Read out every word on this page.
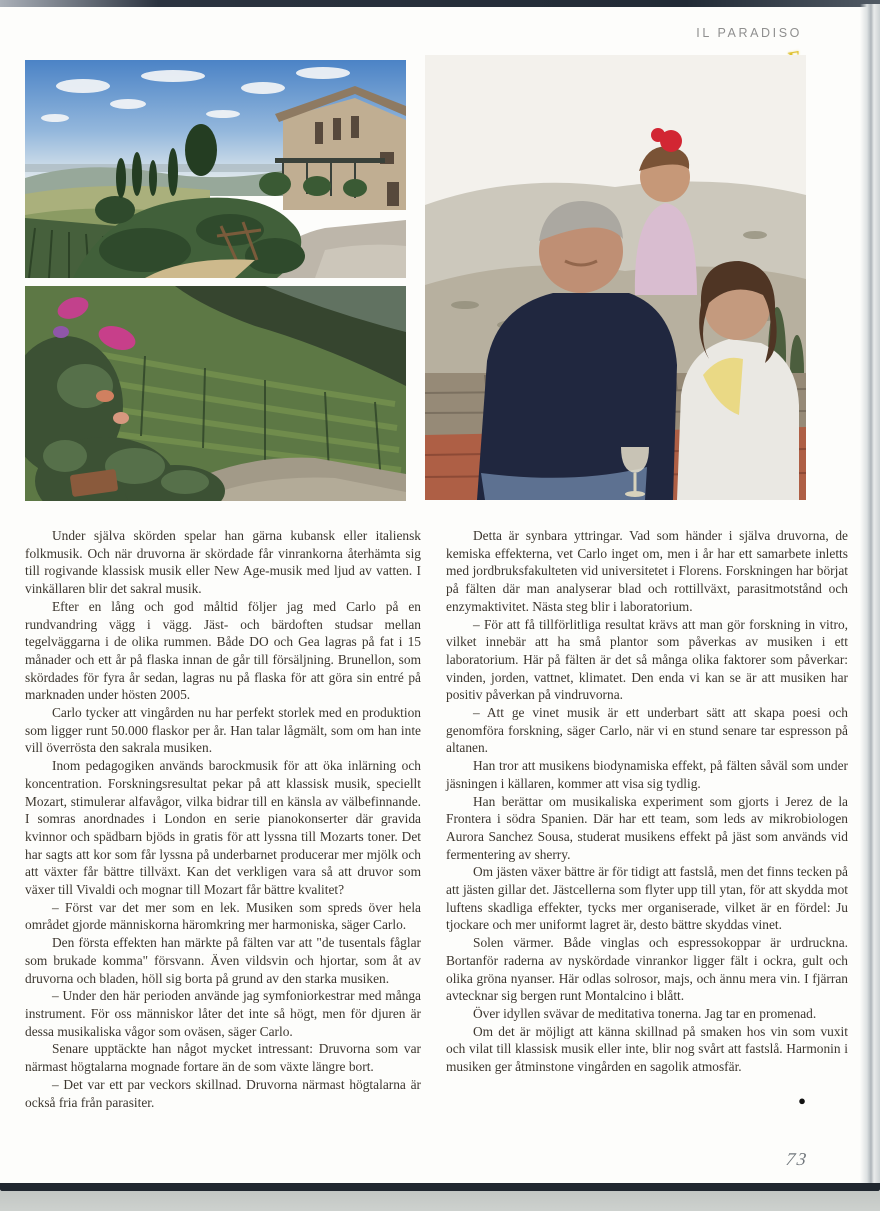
IL PARADISO

Under själva skörden spelar han gärna kubansk eller italiensk folkmusik. Och när druvorna är skördade får vinrankorna återhämta sig till rogivande klassisk musik eller New Age-musik med ljud av vatten. I vinkällaren blir det sakral musik.

Efter en lång och god måltid följer jag med Carlo på en rundvandring vägg i vägg. Jäst- och bärdoften studsar mellan tegelväggarna i de olika rummen. Både DO och Gea lagras på fat i 15 månader och ett år på flaska innan de går till försäljning. Brunellon, som skördades för fyra år sedan, lagras nu på flaska för att göra sin entré på marknaden under hösten 2005.

Carlo tycker att vingården nu har perfekt storlek med en produktion som ligger runt 50.000 flaskor per år. Han talar lågmält, som om han inte vill överrösta den sakrala musiken.

Inom pedagogiken används barockmusik för att öka inlärning och koncentration. Forskningsresultat pekar på att klassisk musik, speciellt Mozart, stimulerar alfavågor, vilka bidrar till en känsla av välbefinnande. I somras anordnades i London en serie pianokonserter där gravida kvinnor och spädbarn bjöds in gratis för att lyssna till Mozarts toner. Det har sagts att kor som får lyssna på underbarnet producerar mer mjölk och att växter får bättre tillväxt. Kan det verkligen vara så att druvor som växer till Vivaldi och mognar till Mozart får bättre kvalitet?

– Först var det mer som en lek. Musiken som spreds över hela området gjorde människorna häromkring mer harmoniska, säger Carlo.

Den första effekten han märkte på fälten var att "de tusentals fåglar som brukade komma" försvann. Även vildsvin och hjortar, som åt av druvorna och bladen, höll sig borta på grund av den starka musiken.

– Under den här perioden använde jag symfoniorkestrar med många instrument. För oss människor låter det inte så högt, men för djuren är dessa musikaliska vågor som oväsen, säger Carlo.

Senare upptäckte han något mycket intressant: Druvorna som var närmast högtalarna mognade fortare än de som växte längre bort.

– Det var ett par veckors skillnad. Druvorna närmast högtalarna är också fria från parasiter.

Detta är synbara yttringar. Vad som händer i själva druvorna, de kemiska effekterna, vet Carlo inget om, men i år har ett samarbete inletts med jordbruksfakulteten vid universitetet i Florens. Forskningen har börjat på fälten där man analyserar blad och rottillväxt, parasitmotstånd och enzymaktivitet. Nästa steg blir i laboratorium.

– För att få tillförlitliga resultat krävs att man gör forskning in vitro, vilket innebär att ha små plantor som påverkas av musiken i ett laboratorium. Här på fälten är det så många olika faktorer som påverkar: vinden, jorden, vattnet, klimatet. Den enda vi kan se är att musiken har positiv påverkan på vindruvorna.

– Att ge vinet musik är ett underbart sätt att skapa poesi och genomföra forskning, säger Carlo, när vi en stund senare tar espresson på altanen.

Han tror att musikens biodynamiska effekt, på fälten såväl som under jäsningen i källaren, kommer att visa sig tydlig.

Han berättar om musikaliska experiment som gjorts i Jerez de la Frontera i södra Spanien. Där har ett team, som leds av mikrobiologen Aurora Sanchez Sousa, studerat musikens effekt på jäst som används vid fermentering av sherry.

Om jästen växer bättre är för tidigt att fastslå, men det finns tecken på att jästen gillar det. Jästcellerna som flyter upp till ytan, för att skydda mot luftens skadliga effekter, tycks mer organiserade, vilket är en fördel: Ju tjockare och mer uniformt lagret är, desto bättre skyddas vinet.

Solen värmer. Både vinglas och espressokoppar är urdruckna. Bortanför raderna av nyskördade vinrankor ligger fält i ockra, gult och olika gröna nyanser. Här odlas solrosor, majs, och ännu mera vin. I fjärran avtecknar sig bergen runt Montalcino i blått.

Över idyllen svävar de meditativa tonerna. Jag tar en promenad.

Om det är möjligt att känna skillnad på smaken hos vin som vuxit och vilat till klassisk musik eller inte, blir nog svårt att fastslå. Harmonin i musiken ger åtminstone vingården en sagolik atmosfär.

●
73
